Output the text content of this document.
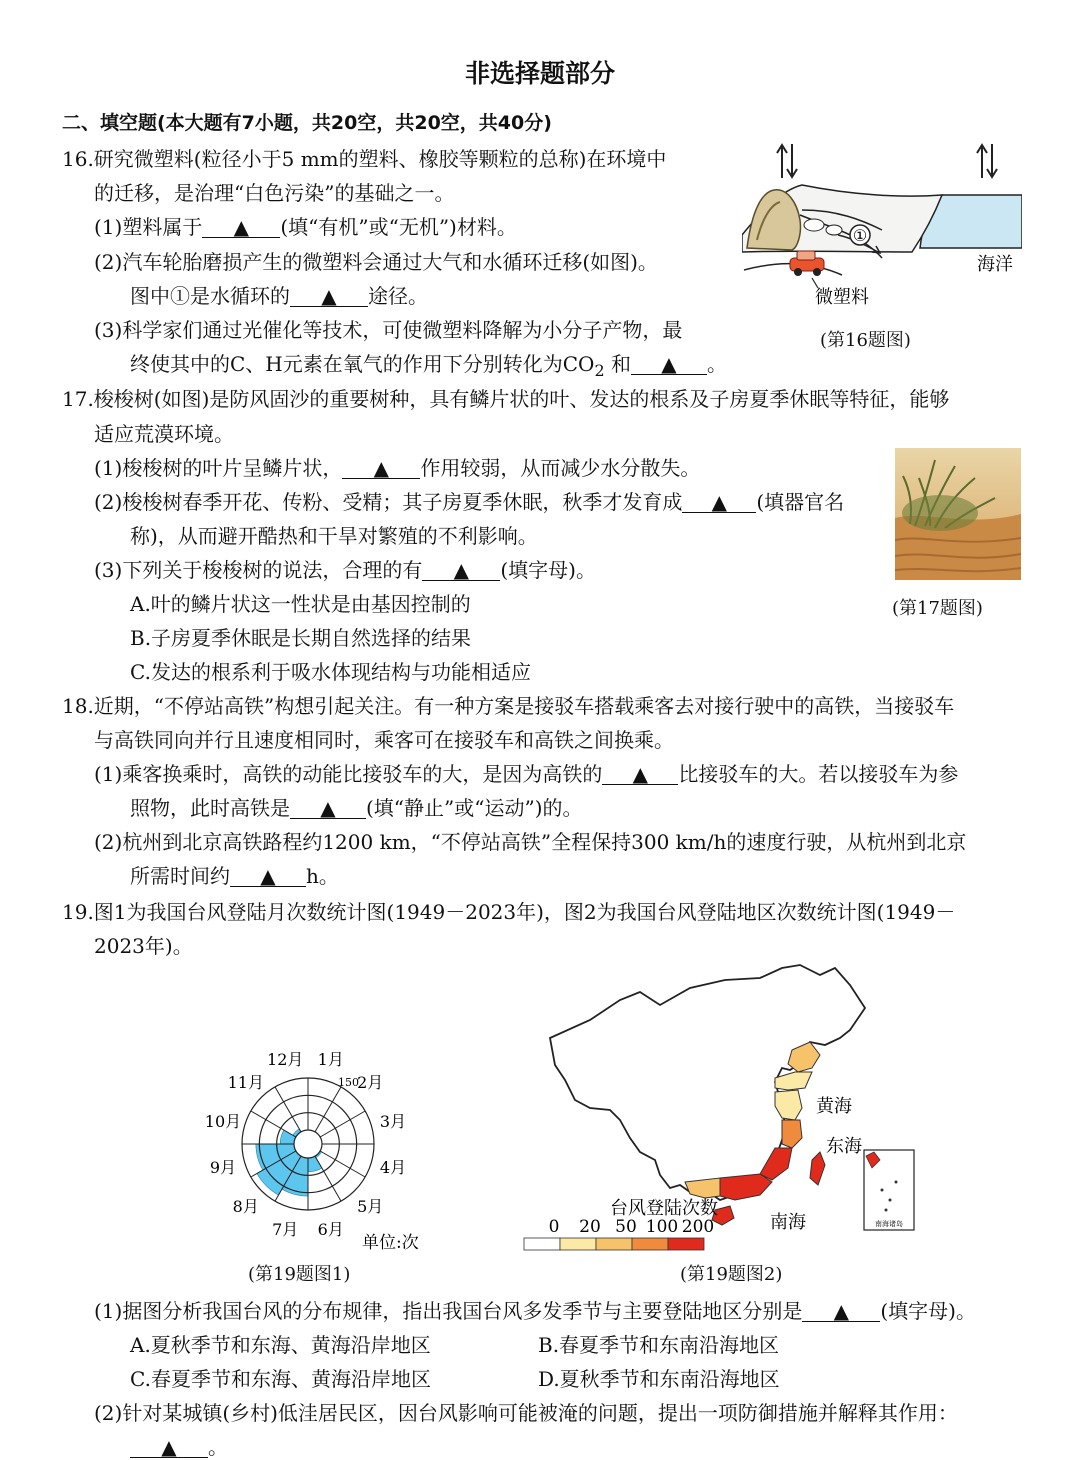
非选择题部分
二、填空题(本大题有7小题，共20空，共20空，共40分)
16.研究微塑料(粒径小于5 mm的塑料、橡胶等颗粒的总称)在环境中
的迁移，是治理“白色污染”的基础之一。
(1)塑料属于 ▲ (填“有机”或“无机”)材料。
(2)汽车轮胎磨损产生的微塑料会通过大气和水循环迁移(如图)。
图中①是水循环的 ▲ 途径。
(3)科学家们通过光催化等技术，可使微塑料降解为小分子产物，最
终使其中的C、H元素在氧气的作用下分别转化为$CO_2$ 和 ▲ 。
①
海洋
微塑料
(第16题图)
17.梭梭树(如图)是防风固沙的重要树种，具有鳞片状的叶、发达的根系及子房夏季休眠等特征，能够
适应荒漠环境。
(1)梭梭树的叶片呈鳞片状， ▲ 作用较弱，从而减少水分散失。
(2)梭梭树春季开花、传粉、受精；其子房夏季休眠，秋季才发育成 ▲ (填器官名
称)，从而避开酷热和干旱对繁殖的不利影响。
(3)下列关于梭梭树的说法，合理的有 ▲ (填字母)。
A.叶的鳞片状这一性状是由基因控制的
B.子房夏季休眠是长期自然选择的结果
C.发达的根系利于吸水体现结构与功能相适应
(第17题图)
18.近期，“不停站高铁”构想引起关注。有一种方案是接驳车搭载乘客去对接行驶中的高铁，当接驳车
与高铁同向并行且速度相同时，乘客可在接驳车和高铁之间换乘。
(1)乘客换乘时，高铁的动能比接驳车的大，是因为高铁的 ▲ 比接驳车的大。若以接驳车为参
照物，此时高铁是 ▲ (填“静止”或“运动”)的。
(2)杭州到北京高铁路程约1200 km，“不停站高铁”全程保持300 km/h的速度行驶，从杭州到北京
所需时间约 ▲ h。
19.图1为我国台风登陆月次数统计图(1949－2023年)，图2为我国台风登陆地区次数统计图(1949－
2023年)。
1月
2月
3月
4月
5月
6月
7月
8月
9月
10月
11月
12月
150
单位:次
(第19题图1)
黄海
东海
南海	南海诸岛
台风登陆次数
0 20 50 100 200
(第19题图2)
(1)据图分析我国台风的分布规律，指出我国台风多发季节与主要登陆地区分别是 ▲ (填字母)。
A.夏秋季节和东海、黄海沿岸地区	B.春夏季节和东南沿海地区
C.春夏季节和东海、黄海沿岸地区	D.夏秋季节和东南沿海地区
(2)针对某城镇(乡村)低洼居民区，因台风影响可能被淹的问题，提出一项防御措施并解释其作用：
▲ 。
